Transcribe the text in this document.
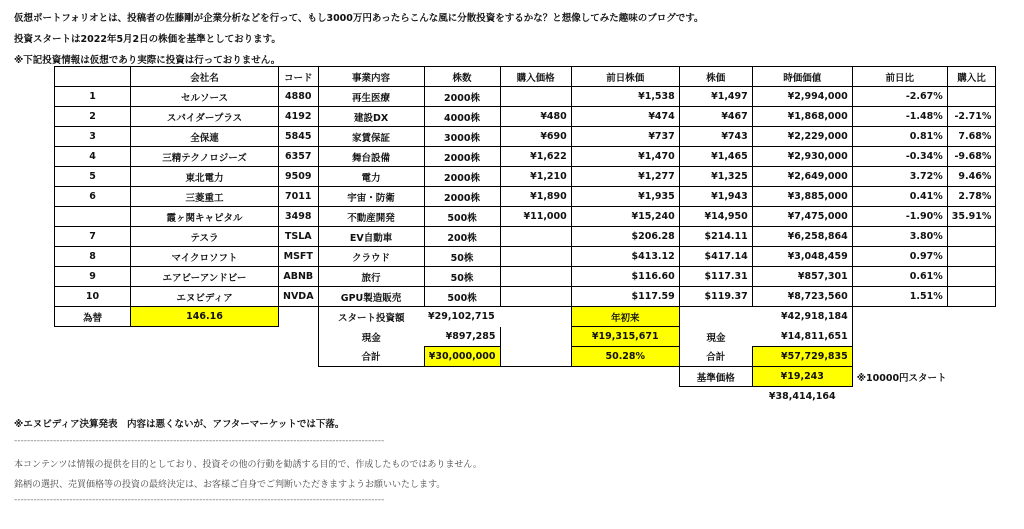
仮想ポートフォリオとは、投稿者の佐藤剛が企業分析などを行って、もし3000万円あったらこんな風に分散投資をするかな？と想像してみた趣味のブログです。
投資スタートは2022年5月2日の株価を基準としております。
※下記投資情報は仮想であり実際に投資は行っておりません。
	会社名	コード	事業内容	株数	購入価格	前日株価	株価	時価価値	前日比	購入比
1	セルソース	4880	再生医療	2000株		¥1,538	¥1,497	¥2,994,000	-2.67%	
2	スパイダープラス	4192	建設DX	4000株	¥480	¥474	¥467	¥1,868,000	-1.48%	-2.71%
3	全保連	5845	家賃保証	3000株	¥690	¥737	¥743	¥2,229,000	0.81%	7.68%
4	三精テクノロジーズ	6357	舞台設備	2000株	¥1,622	¥1,470	¥1,465	¥2,930,000	-0.34%	-9.68%
5	東北電力	9509	電力	2000株	¥1,210	¥1,277	¥1,325	¥2,649,000	3.72%	9.46%
6	三菱重工	7011	宇宙・防衛	2000株	¥1,890	¥1,935	¥1,943	¥3,885,000	0.41%	2.78%
	霞ヶ関キャピタル	3498	不動産開発	500株	¥11,000	¥15,240	¥14,950	¥7,475,000	-1.90%	35.91%
7	テスラ	TSLA	EV自動車	200株		$206.28	$214.11	¥6,258,864	3.80%	
8	マイクロソフト	MSFT	クラウド	50株		$413.12	$417.14	¥3,048,459	0.97%	
9	エアビーアンドビー	ABNB	旅行	50株		$116.60	$117.31	¥857,301	0.61%	
10	エヌビディア	NVDA	GPU製造販売	500株		$117.59	$119.37	¥8,723,560	1.51%	
為替	146.16		スタート投資額	¥29,102,715		年初来		¥42,918,184		
			現金	¥897,285		¥19,315,671	現金	¥14,811,651		
			合計	¥30,000,000		50.28%	合計	¥57,729,835		
							基準価格	¥19,243	※10000円スタート	
								¥38,414,164		
※エヌビディア決算発表　内容は悪くないが、アフターマーケットでは下落。
------------------------------------------------------------------------------------------------------------------
本コンテンツは情報の提供を目的としており、投資その他の行動を勧誘する目的で、作成したものではありません。
銘柄の選択、売買価格等の投資の最終決定は、お客様ご自身でご判断いただきますようお願いいたします。
------------------------------------------------------------------------------------------------------------------
